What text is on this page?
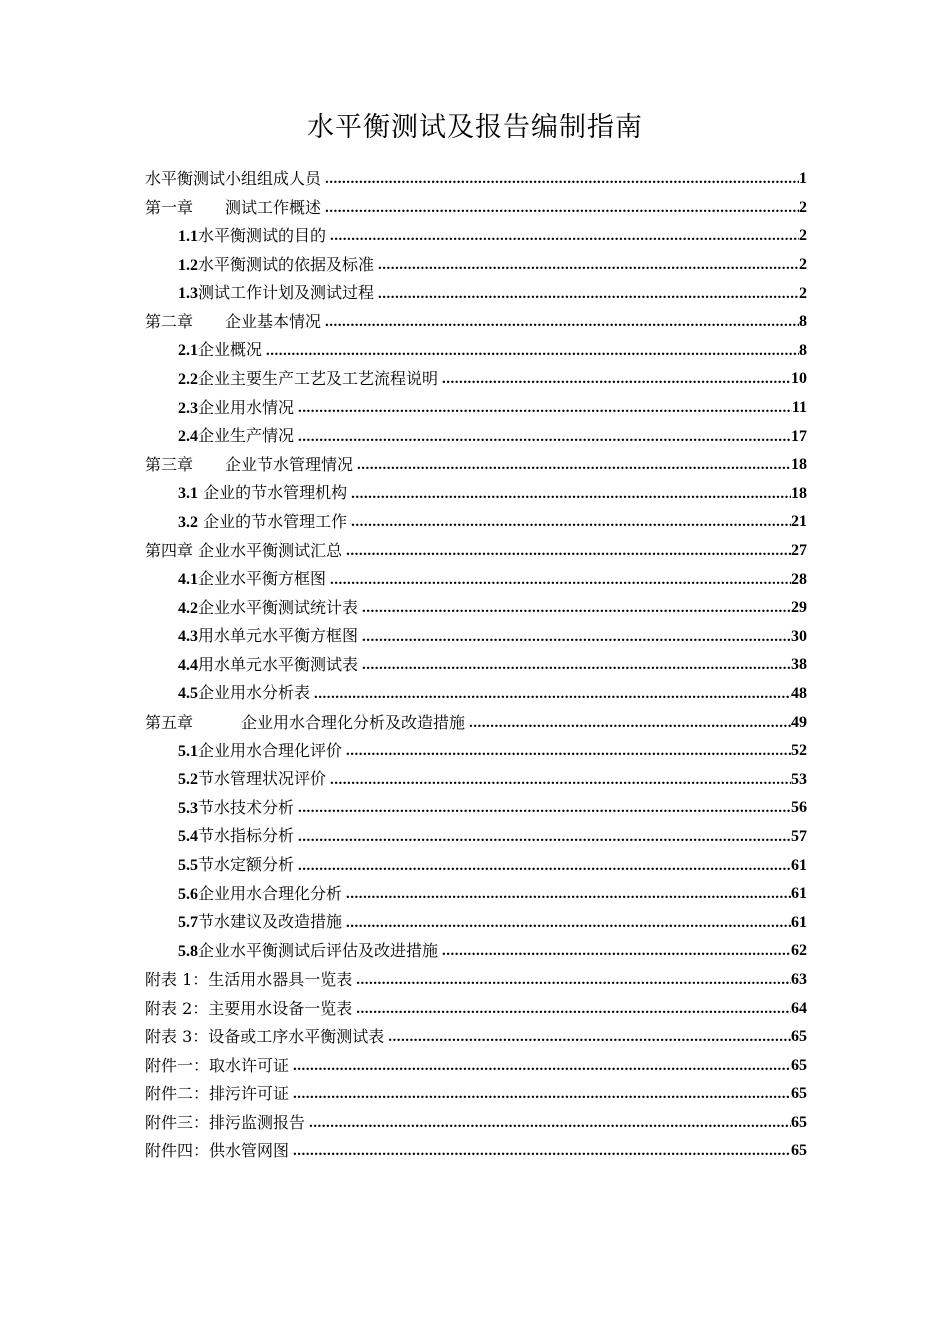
水平衡测试及报告编制指南
水平衡测试小组组成人员 .....	1
第一章　　测试工作概述 .....	2
1.1水平衡测试的目的 .....	2
1.2水平衡测试的依据及标准 .....	2
1.3测试工作计划及测试过程 .....	2
第二章　　企业基本情况 .....	8
2.1企业概况 .....	8
2.2企业主要生产工艺及工艺流程说明 .....	10
2.3企业用水情况 .....	11
2.4企业生产情况 .....	17
第三章　　企业节水管理情况 .....	18
3.1 企业的节水管理机构 .....	18
3.2 企业的节水管理工作 .....	21
第四章 企业水平衡测试汇总 .....	27
4.1企业水平衡方框图 .....	28
4.2企业水平衡测试统计表 .....	29
4.3用水单元水平衡方框图 .....	30
4.4用水单元水平衡测试表 .....	38
4.5企业用水分析表 .....	48
第五章　　　企业用水合理化分析及改造措施 .....	49
5.1企业用水合理化评价 .....	52
5.2节水管理状况评价 .....	53
5.3节水技术分析 .....	56
5.4节水指标分析 .....	57
5.5节水定额分析 .....	61
5.6企业用水合理化分析 .....	61
5.7节水建议及改造措施 .....	61
5.8企业水平衡测试后评估及改进措施 .....	62
附表 1：生活用水器具一览表 .....	63
附表 2：主要用水设备一览表 .....	64
附表 3：设备或工序水平衡测试表 .....	65
附件一：取水许可证 .....	65
附件二：排污许可证 .....	65
附件三：排污监测报告 .....	65
附件四：供水管网图 .....	65
